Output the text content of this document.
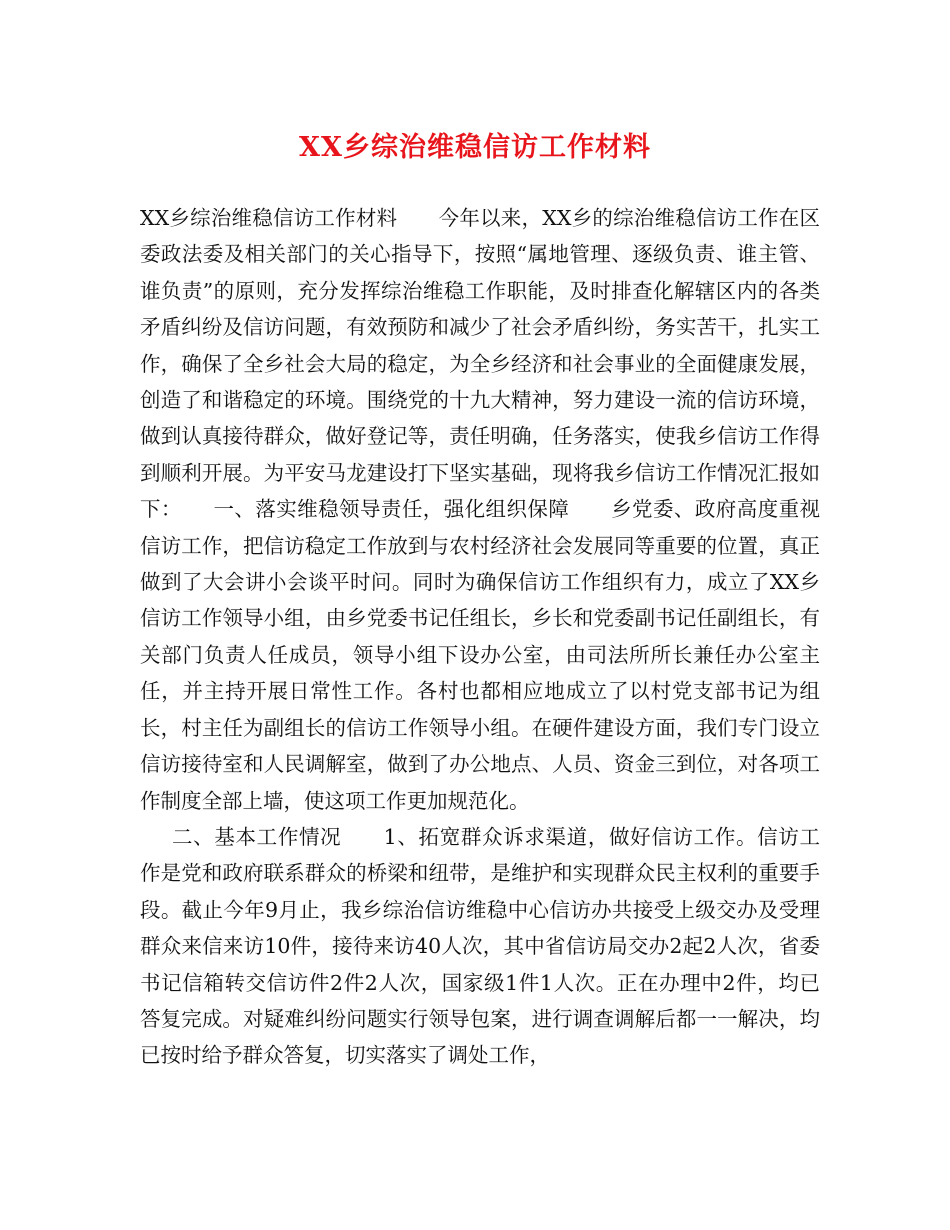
XX乡综治维稳信访工作材料

XX乡综治维稳信访工作材料　　今年以来，XX乡的综治维稳信访工作在区委政法委及相关部门的关心指导下，按照“属地管理、逐级负责、谁主管、谁负责”的原则，充分发挥综治维稳工作职能，及时排查化解辖区内的各类矛盾纠纷及信访问题，有效预防和减少了社会矛盾纠纷，务实苦干，扎实工作，确保了全乡社会大局的稳定，为全乡经济和社会事业的全面健康发展，创造了和谐稳定的环境。围绕党的十九大精神，努力建设一流的信访环境，做到认真接待群众，做好登记等，责任明确，任务落实，使我乡信访工作得到顺利开展。为平安马龙建设打下坚实基础，现将我乡信访工作情况汇报如下：　　一、落实维稳领导责任，强化组织保障　　乡党委、政府高度重视信访工作，把信访稳定工作放到与农村经济社会发展同等重要的位置，真正做到了大会讲小会谈平时问。同时为确保信访工作组织有力，成立了XX乡信访工作领导小组，由乡党委书记任组长，乡长和党委副书记任副组长，有关部门负责人任成员，领导小组下设办公室，由司法所所长兼任办公室主任，并主持开展日常性工作。各村也都相应地成立了以村党支部书记为组长，村主任为副组长的信访工作领导小组。在硬件建设方面，我们专门设立信访接待室和人民调解室，做到了办公地点、人员、资金三到位，对各项工作制度全部上墙，使这项工作更加规范化。

二、基本工作情况　　1、拓宽群众诉求渠道，做好信访工作。信访工作是党和政府联系群众的桥梁和纽带，是维护和实现群众民主权利的重要手段。截止今年9月止，我乡综治信访维稳中心信访办共接受上级交办及受理群众来信来访10件，接待来访40人次，其中省信访局交办2起2人次，省委书记信箱转交信访件2件2人次，国家级1件1人次。正在办理中2件，均已答复完成。对疑难纠纷问题实行领导包案，进行调查调解后都一一解决，均已按时给予群众答复，切实落实了调处工作，
